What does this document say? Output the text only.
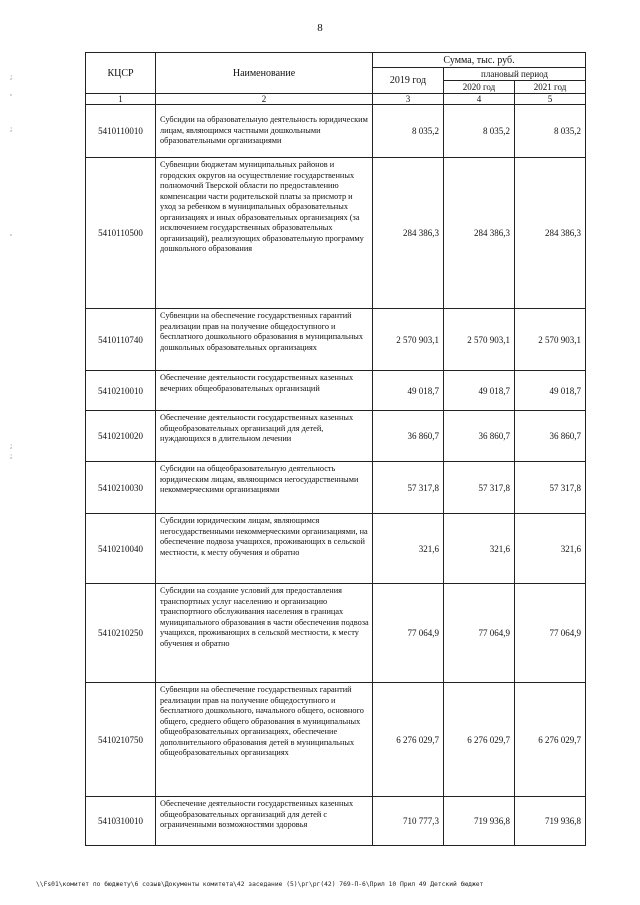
8
;
'
;
'
;
;
КЦСР	Наименование	Сумма, тыс. руб.		
		2019 год	плановый период	
			2020 год	2021 год
1	2	3	4	5
5410110010	Субсидии на образовательную деятельность юридическим лицам, являющимся частными дошкольными образовательными организациями	8 035,2	8 035,2	8 035,2
5410110500	Субвенции бюджетам муниципальных районов и городских округов на осуществление государственных полномочий Тверской области по предоставлению компенсации части родительской платы за присмотр и уход за ребенком в муниципальных образовательных организациях и иных образовательных организациях (за исключением государственных образовательных организаций), реализующих образовательную программу дошкольного образования	284 386,3	284 386,3	284 386,3
5410110740	Субвенции на обеспечение государственных гарантий реализации прав на получение общедоступного и бесплатного дошкольного образования в муниципальных дошкольных образовательных организациях	2 570 903,1	2 570 903,1	2 570 903,1
5410210010	Обеспечение деятельности государственных казенных вечерних общеобразовательных организаций	49 018,7	49 018,7	49 018,7
5410210020	Обеспечение деятельности государственных казенных общеобразовательных организаций для детей, нуждающихся в длительном лечении	36 860,7	36 860,7	36 860,7
5410210030	Субсидии на общеобразовательную деятельность юридическим лицам, являющимся негосударственными некоммерческими организациями	57 317,8	57 317,8	57 317,8
5410210040	Субсидии юридическим лицам, являющимся негосударственными некоммерческими организациями, на обеспечение подвоза учащихся, проживающих в сельской местности, к месту обучения и обратно	321,6	321,6	321,6
5410210250	Субсидии на создание условий для предоставления транспортных услуг населению и организацию транспортного обслуживания населения в границах муниципального образования в части обеспечения подвоза учащихся, проживающих в сельской местности, к месту обучения и обратно	77 064,9	77 064,9	77 064,9
5410210750	Субвенции на обеспечение государственных гарантий реализации прав на получение общедоступного и бесплатного дошкольного, начального общего, основного общего, среднего общего образования в муниципальных общеобразовательных организациях, обеспечение дополнительного образования детей в муниципальных общеобразовательных организациях	6 276 029,7	6 276 029,7	6 276 029,7
5410310010	Обеспечение деятельности государственных казенных общеобразовательных организаций для детей с ограниченными возможностями здоровья	710 777,3	719 936,8	719 936,8
\\Fs01\комитет по бюджету\6 созыв\Документы комитета\42 заседание (5)\рг\рг(42) 769-П-6\Прил 10 Прил 49 Детский бюджет
